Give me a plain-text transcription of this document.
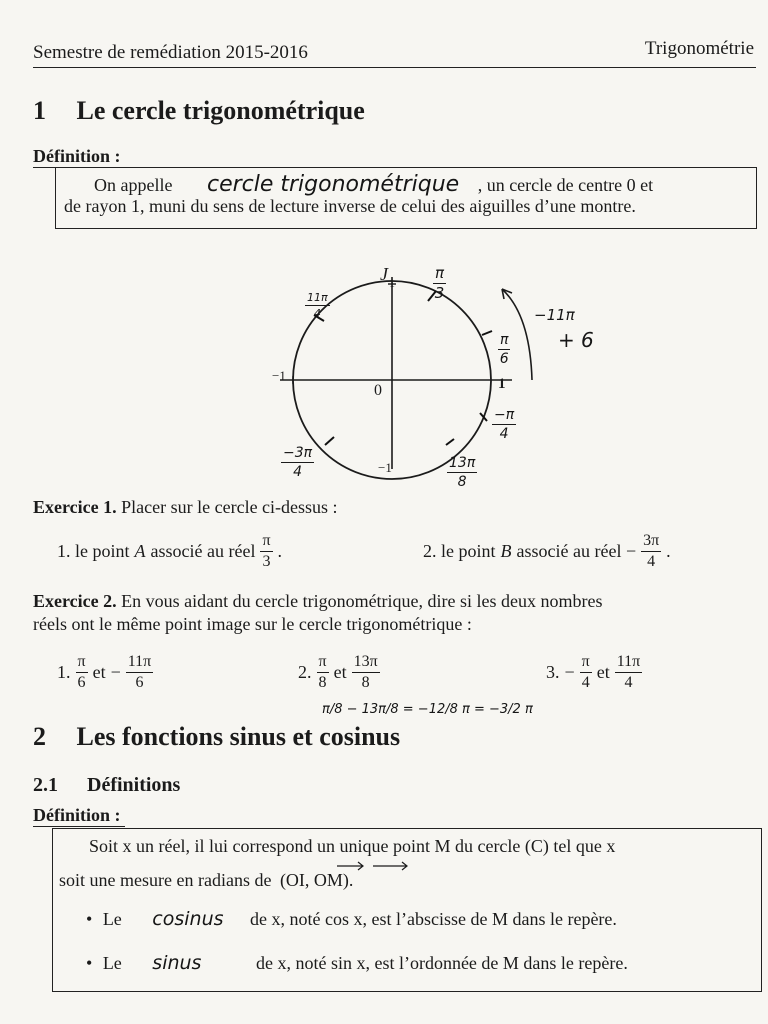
Semestre de remédiation 2015-2016	Trigonométrie
1 Le cercle trigonométrique
Définition :
On appelle cercle trigonométrique , un cercle de centre 0 et
de rayon 1, muni du sens de lecture inverse de celui des aiguilles d’une montre.
J 1
1
−1
−1
0
$\frac{\pi}{3}$
$\frac{11\pi}{4}$
$\frac{\pi}{6}$
−11π
+ 6
$\frac{-\pi}{4}$
$\frac{-3\pi}{4}$	$\frac{13\pi}{8}$
Exercice 1. Placer sur le cercle ci-dessus :
1. le point A associé au réel $\frac{\pi}{3}$ .	2. le point B associé au réel − $\frac{3\pi}{4}$ .
Exercice 2. En vous aidant du cercle trigonométrique, dire si les deux nombres
réels ont le même point image sur le cercle trigonométrique :
1. $\frac{\pi}{6}$ et − $\frac{11\pi}{6}$	2. $\frac{\pi}{8}$ et $\frac{13\pi}{8}$	3. − $\frac{\pi}{4}$ et $\frac{11\pi}{4}$
π/8 − 13π/8 = −12/8 π = −3/2 π
2 Les fonctions sinus et cosinus
2.1 Définitions
Définition :
Soit x un réel, il lui correspond un unique point M du cercle (C) tel que x
soit une mesure en radians de (OI, OM).
• Le cosinus de x, noté cos x, est l’abscisse de M dans le repère.
• Le sinus	de x, noté sin x, est l’ordonnée de M dans le repère.
